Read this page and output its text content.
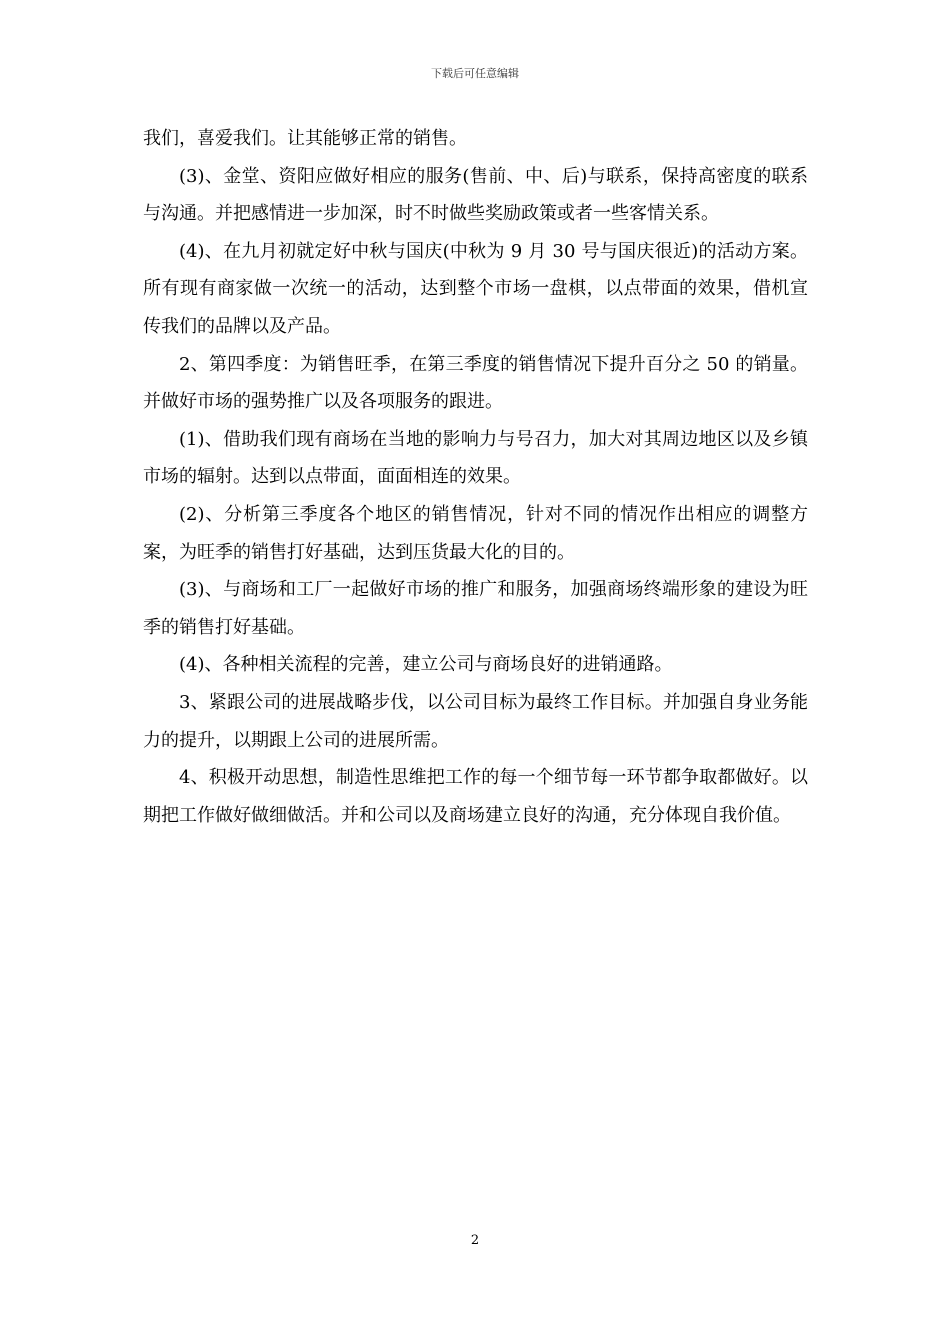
下载后可任意编辑

我们，喜爱我们。让其能够正常的销售。

(3)、金堂、资阳应做好相应的服务(售前、中、后)与联系，保持高密度的联系与沟通。并把感情进一步加深，时不时做些奖励政策或者一些客情关系。

(4)、在九月初就定好中秋与国庆(中秋为 9 月 30 号与国庆很近)的活动方案。所有现有商家做一次统一的活动，达到整个市场一盘棋，以点带面的效果，借机宣传我们的品牌以及产品。

2、第四季度：为销售旺季，在第三季度的销售情况下提升百分之 50 的销量。并做好市场的强势推广以及各项服务的跟进。

(1)、借助我们现有商场在当地的影响力与号召力，加大对其周边地区以及乡镇市场的辐射。达到以点带面，面面相连的效果。

(2)、分析第三季度各个地区的销售情况，针对不同的情况作出相应的调整方案，为旺季的销售打好基础，达到压货最大化的目的。

(3)、与商场和工厂一起做好市场的推广和服务，加强商场终端形象的建设为旺季的销售打好基础。

(4)、各种相关流程的完善，建立公司与商场良好的进销通路。

3、紧跟公司的进展战略步伐，以公司目标为最终工作目标。并加强自身业务能力的提升，以期跟上公司的进展所需。

4、积极开动思想，制造性思维把工作的每一个细节每一环节都争取都做好。以期把工作做好做细做活。并和公司以及商场建立良好的沟通，充分体现自我价值。

2
